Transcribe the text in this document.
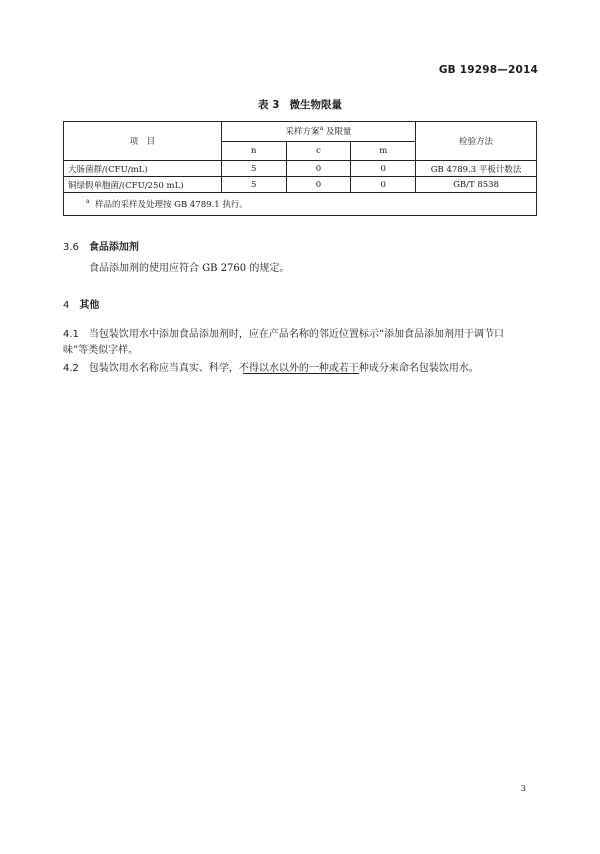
GB 19298—2014
表 3 微生物限量
项　目	采样方案$^a$ 及限量			检验方法
	n	c	m	
大肠菌群/(CFU/mL)	5	0	0	GB 4789.3 平板计数法
铜绿假单胞菌/(CFU/250 mL)	5	0	0	GB/T 8538
$^a$ 样品的采样及处理按 GB 4789.1 执行。				
3.6 食品添加剂
食品添加剂的使用应符合 GB 2760 的规定。
4 其他
4.1 当包装饮用水中添加食品添加剂时，应在产品名称的邻近位置标示“添加食品添加剂用于调节口
味”等类似字样。
4.2 包装饮用水名称应当真实、科学，不得以水以外的一种或若干种成分来命名包装饮用水。
3
